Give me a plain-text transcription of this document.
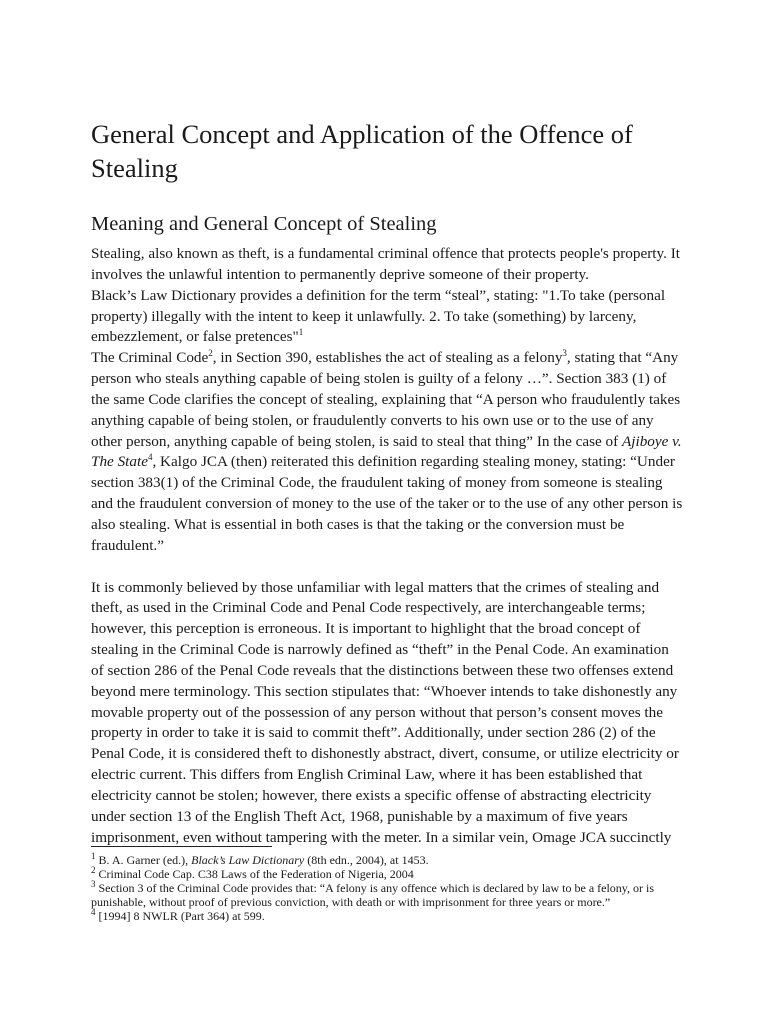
General Concept and Application of the Offence of Stealing
Meaning and General Concept of Stealing

Stealing, also known as theft, is a fundamental criminal offence that protects people's property. It involves the unlawful intention to permanently deprive someone of their property.

Black’s Law Dictionary provides a definition for the term “steal”, stating: "1.To take (personal property) illegally with the intent to keep it unlawfully. 2. To take (something) by larceny, embezzlement, or false pretences"$^1$

The Criminal Code$^2$, in Section 390, establishes the act of stealing as a felony$^3$, stating that “Any person who steals anything capable of being stolen is guilty of a felony …”. Section 383 (1) of the same Code clarifies the concept of stealing, explaining that “A person who fraudulently takes anything capable of being stolen, or fraudulently converts to his own use or to the use of any other person, anything capable of being stolen, is said to steal that thing” In the case of Ajiboye v. The State$^4$, Kalgo JCA (then) reiterated this definition regarding stealing money, stating: “Under section 383(1) of the Criminal Code, the fraudulent taking of money from someone is stealing and the fraudulent conversion of money to the use of the taker or to the use of any other person is also stealing. What is essential in both cases is that the taking or the conversion must be fraudulent.”

It is commonly believed by those unfamiliar with legal matters that the crimes of stealing and theft, as used in the Criminal Code and Penal Code respectively, are interchangeable terms; however, this perception is erroneous. It is important to highlight that the broad concept of stealing in the Criminal Code is narrowly defined as “theft” in the Penal Code. An examination of section 286 of the Penal Code reveals that the distinctions between these two offenses extend beyond mere terminology. This section stipulates that: “Whoever intends to take dishonestly any movable property out of the possession of any person without that person’s consent moves the property in order to take it is said to commit theft”. Additionally, under section 286 (2) of the Penal Code, it is considered theft to dishonestly abstract, divert, consume, or utilize electricity or electric current. This differs from English Criminal Law, where it has been established that electricity cannot be stolen; however, there exists a specific offense of abstracting electricity under section 13 of the English Theft Act, 1968, punishable by a maximum of five years imprisonment, even without tampering with the meter. In a similar vein, Omage JCA succinctly

$^1$ B. A. Garner (ed.), Black’s Law Dictionary (8th edn., 2004), at 1453.

$^2$ Criminal Code Cap. C38 Laws of the Federation of Nigeria, 2004

$^3$ Section 3 of the Criminal Code provides that: “A felony is any offence which is declared by law to be a felony, or is punishable, without proof of previous conviction, with death or with imprisonment for three years or more.”

$^4$ [1994] 8 NWLR (Part 364) at 599.
